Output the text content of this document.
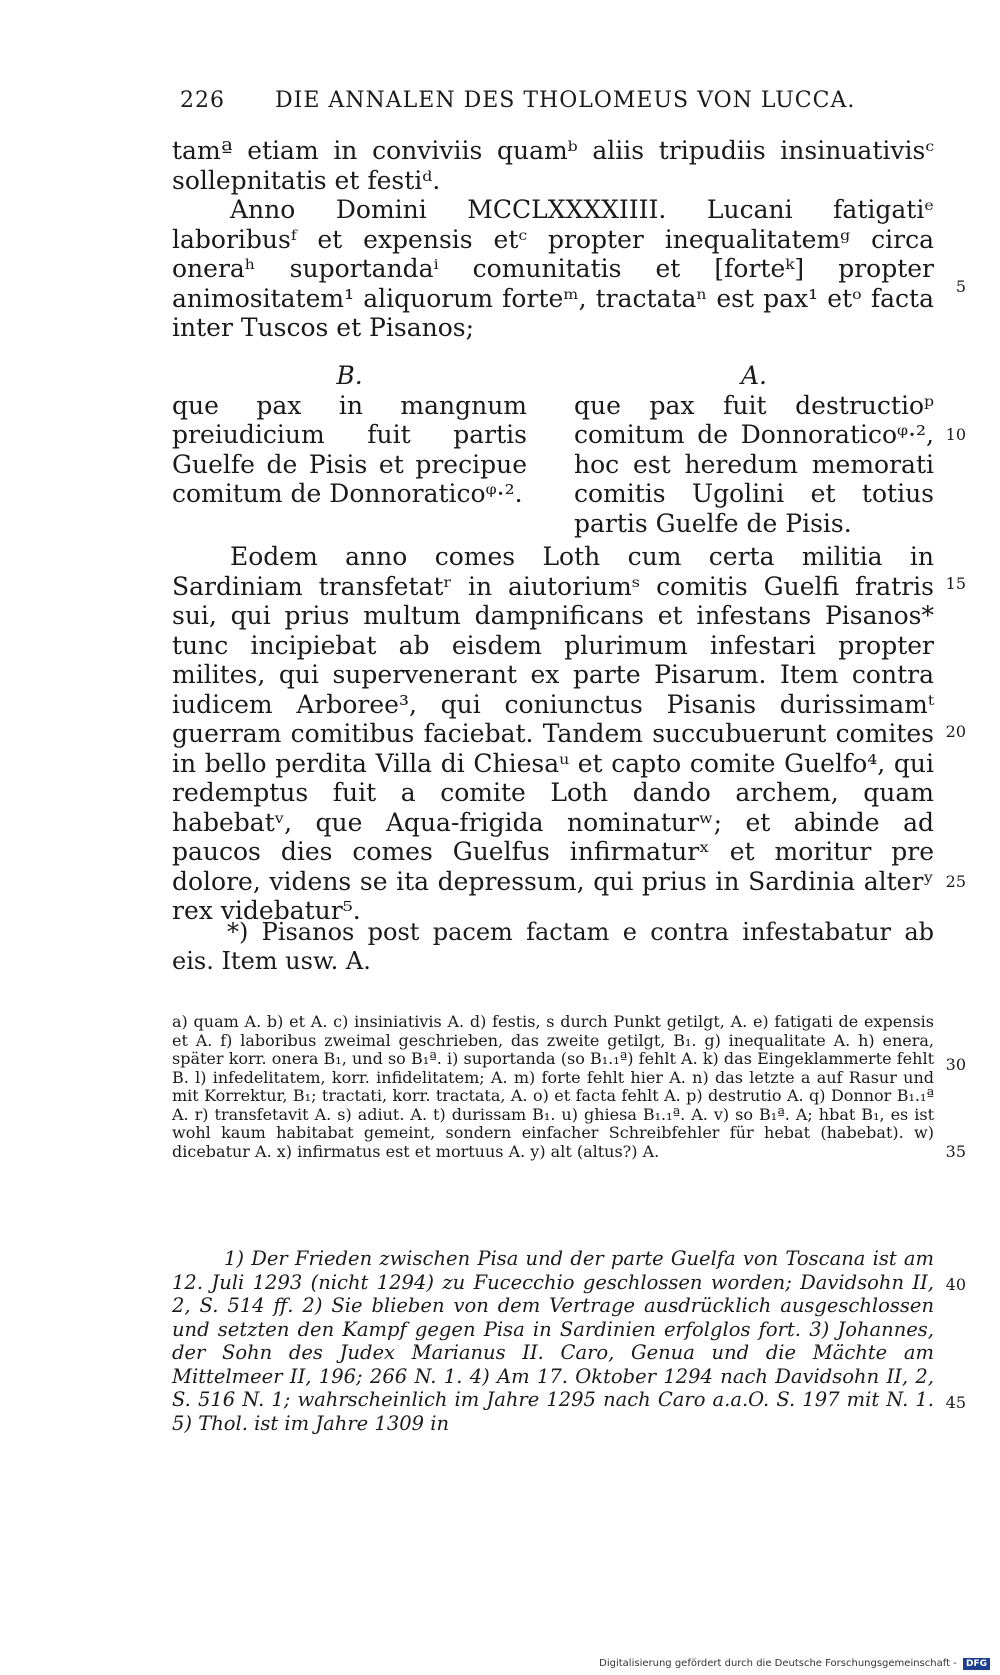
226 DIE ANNALEN DES THOLOMEUS VON LUCCA.

tamª etiam in conviviis quamᵇ aliis tripudiis insinuativisᶜ sollepnitatis et festiᵈ.

Anno Domini MCCLXXXXIIII. Lucani fatigatiᵉ laboribusᶠ et expensis etᶜ propter inequalitatemᵍ circa oneraʰ suportandaⁱ comunitatis et [forteᵏ] propter animositatem¹ aliquorum forteᵐ, tractataⁿ est pax¹ etᵒ facta inter Tuscos et Pisanos;

B.
que pax in mangnum preiudicium fuit partis Guelfe de Pisis et precipue comitum de Donnoraticoᵠ·².
A.
que pax fuit destructioᵖ comitum de Donnoraticoᵠ·², hoc est heredum memorati comitis Ugolini et totius partis Guelfe de Pisis.

Eodem anno comes Loth cum certa militia in Sardiniam transfetatʳ in aiutoriumˢ comitis Guelfi fratris sui, qui prius multum dampnificans et infestans Pisanos* tunc incipiebat ab eisdem plurimum infestari propter milites, qui supervenerant ex parte Pisarum. Item contra iudicem Arboree³, qui coniunctus Pisanis durissimamᵗ guerram comitibus faciebat. Tandem succubuerunt comites in bello perdita Villa di Chiesaᵘ et capto comite Guelfo⁴, qui redemptus fuit a comite Loth dando archem, quam habebatᵛ, que Aqua-frigida nominaturʷ; et abinde ad paucos dies comes Guelfus infirmaturˣ et moritur pre dolore, videns se ita depressum, qui prius in Sardinia alterʸ rex videbatur⁵.

*) Pisanos post pacem factam e contra infestabatur ab eis. Item usw. A.

a) quam A. b) et A. c) insiniativis A. d) festis, s durch Punkt getilgt, A. e) fatigati de expensis et A. f) laboribus zweimal geschrieben, das zweite getilgt, B₁. g) inequalitate A. h) enera, später korr. onera B₁, und so B₁ª. i) suportanda (so B₁.₁ª) fehlt A. k) das Eingeklammerte fehlt B. l) infedelitatem, korr. infidelitatem; A. m) forte fehlt hier A. n) das letzte a auf Rasur und mit Korrektur, B₁; tractati, korr. tractata, A. o) et facta fehlt A. p) destrutio A. q) Donnor B₁.₁ª A. r) transfetavit A. s) adiut. A. t) durissam B₁. u) ghiesa B₁.₁ª. A. v) so B₁ª. A; hbat B₁, es ist wohl kaum habitabat gemeint, sondern einfacher Schreibfehler für hebat (habebat). w) dicebatur A. x) infirmatus est et mortuus A. y) alt (altus?) A.

1) Der Frieden zwischen Pisa und der parte Guelfa von Toscana ist am 12. Juli 1293 (nicht 1294) zu Fucecchio geschlossen worden; Davidsohn II, 2, S. 514 ff. 2) Sie blieben von dem Vertrage ausdrücklich ausgeschlossen und setzten den Kampf gegen Pisa in Sardinien erfolglos fort. 3) Johannes, der Sohn des Judex Marianus II. Caro, Genua und die Mächte am Mittelmeer II, 196; 266 N. 1. 4) Am 17. Oktober 1294 nach Davidsohn II, 2, S. 516 N. 1; wahrscheinlich im Jahre 1295 nach Caro a.a.O. S. 197 mit N. 1. 5) Thol. ist im Jahre 1309 in

5
10
15
20
25
30
35
40
45
Digitalisierung gefördert durch die Deutsche Forschungsgemeinschaft - DFG
